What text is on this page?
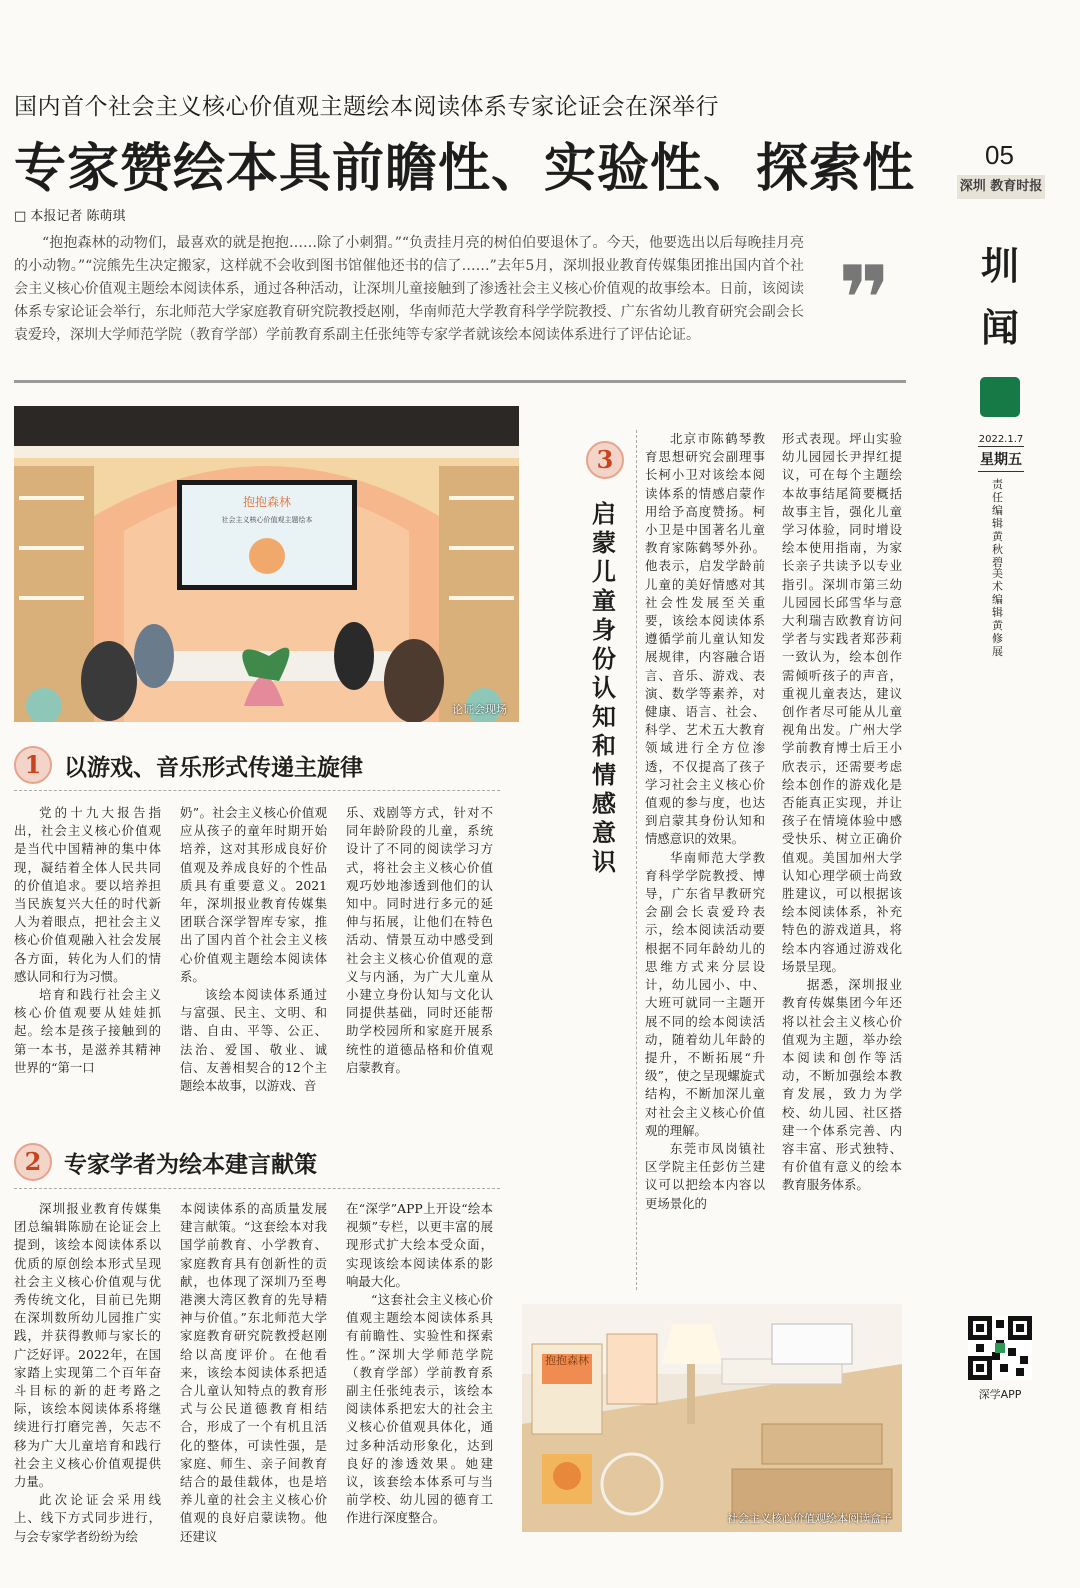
国内首个社会主义核心价值观主题绘本阅读体系专家论证会在深举行
专家赞绘本具前瞻性、实验性、探索性
□ 本报记者 陈萌琪
“抱抱森林的动物们，最喜欢的就是抱抱……除了小刺猬。”“负责挂月亮的树伯伯要退休了。今天，他要选出以后每晚挂月亮的小动物。”“浣熊先生决定搬家，这样就不会收到图书馆催他还书的信了……”去年5月，深圳报业教育传媒集团推出国内首个社会主义核心价值观主题绘本阅读体系，通过各种活动，让深圳儿童接触到了渗透社会主义核心价值观的故事绘本。日前，该阅读体系专家论证会举行，东北师范大学家庭教育研究院教授赵刚，华南师范大学教育科学学院教授、广东省幼儿教育研究会副会长袁爱玲，深圳大学师范学院（教育学部）学前教育系副主任张纯等专家学者就该绘本阅读体系进行了评估论证。	❞
05
深圳 教育时报
圳闻
2022.1.7
星期五
责任编辑 黄秋碧
美术编辑 黄修展
深学APP
抱抱森林
社会主义核心价值观主题绘本
论证会现场
1 以游戏、音乐形式传递主旋律

党的十九大报告指出，社会主义核心价值观是当代中国精神的集中体现，凝结着全体人民共同的价值追求。要以培养担当民族复兴大任的时代新人为着眼点，把社会主义核心价值观融入社会发展各方面，转化为人们的情感认同和行为习惯。

培育和践行社会主义核心价值观要从娃娃抓起。绘本是孩子接触到的第一本书，是滋养其精神世界的“第一口

奶”。社会主义核心价值观应从孩子的童年时期开始培养，这对其形成良好价值观及养成良好的个性品质具有重要意义。2021年，深圳报业教育传媒集团联合深学智库专家，推出了国内首个社会主义核心价值观主题绘本阅读体系。

该绘本阅读体系通过与富强、民主、文明、和谐、自由、平等、公正、法治、爱国、敬业、诚信、友善相契合的12个主题绘本故事，以游戏、音

乐、戏剧等方式，针对不同年龄阶段的儿童，系统设计了不同的阅读学习方式，将社会主义核心价值观巧妙地渗透到他们的认知中。同时进行多元的延伸与拓展，让他们在特色活动、情景互动中感受到社会主义核心价值观的意义与内涵，为广大儿童从小建立身份认知与文化认同提供基础，同时还能帮助学校园所和家庭开展系统性的道德品格和价值观启蒙教育。

2 专家学者为绘本建言献策

深圳报业教育传媒集团总编辑陈励在论证会上提到，该绘本阅读体系以优质的原创绘本形式呈现社会主义核心价值观与优秀传统文化，目前已先期在深圳数所幼儿园推广实践，并获得教师与家长的广泛好评。2022年，在国家踏上实现第二个百年奋斗目标的新的赶考路之际，该绘本阅读体系将继续进行打磨完善，矢志不移为广大儿童培育和践行社会主义核心价值观提供力量。

此次论证会采用线上、线下方式同步进行，与会专家学者纷纷为绘

本阅读体系的高质量发展建言献策。“这套绘本对我国学前教育、小学教育、家庭教育具有创新性的贡献，也体现了深圳乃至粤港澳大湾区教育的先导精神与价值。”东北师范大学家庭教育研究院教授赵刚给以高度评价。在他看来，该绘本阅读体系把适合儿童认知特点的教育形式与公民道德教育相结合，形成了一个有机且活化的整体，可读性强，是家庭、师生、亲子间教育结合的最佳载体，也是培养儿童的社会主义核心价值观的良好启蒙读物。他还建议

在“深学”APP上开设“绘本视频”专栏，以更丰富的展现形式扩大绘本受众面，实现该绘本阅读体系的影响最大化。

“这套社会主义核心价值观主题绘本阅读体系具有前瞻性、实验性和探索性。”深圳大学师范学院（教育学部）学前教育系副主任张纯表示，该绘本阅读体系把宏大的社会主义核心价值观具体化，通过多种活动形象化，达到良好的渗透效果。她建议，该套绘本体系可与当前学校、幼儿园的德育工作进行深度整合。

3
启蒙儿童身份认知和情感意识

北京市陈鹤琴教育思想研究会副理事长柯小卫对该绘本阅读体系的情感启蒙作用给予高度赞扬。柯小卫是中国著名儿童教育家陈鹤琴外孙。他表示，启发学龄前儿童的美好情感对其社会性发展至关重要，该绘本阅读体系遵循学前儿童认知发展规律，内容融合语言、音乐、游戏、表演、数学等素养，对健康、语言、社会、科学、艺术五大教育领域进行全方位渗透，不仅提高了孩子学习社会主义核心价值观的参与度，也达到启蒙其身份认知和情感意识的效果。

华南师范大学教育科学学院教授、博导，广东省早教研究会副会长袁爱玲表示，绘本阅读活动要根据不同年龄幼儿的思维方式来分层设计，幼儿园小、中、大班可就同一主题开展不同的绘本阅读活动，随着幼儿年龄的提升，不断拓展“升级”，使之呈现螺旋式结构，不断加深儿童对社会主义核心价值观的理解。

东莞市凤岗镇社区学院主任彭仿兰建议可以把绘本内容以更场景化的

形式表现。坪山实验幼儿园园长尹捍红提议，可在每个主题绘本故事结尾简要概括故事主旨，强化儿童学习体验，同时增设绘本使用指南，为家长亲子共读予以专业指引。深圳市第三幼儿园园长邱雪华与意大利瑞吉欧教育访问学者与实践者郑莎莉一致认为，绘本创作需倾听孩子的声音，重视儿童表达，建议创作者尽可能从儿童视角出发。广州大学学前教育博士后王小欣表示，还需要考虑绘本创作的游戏化是否能真正实现，并让孩子在情境体验中感受快乐、树立正确价值观。美国加州大学认知心理学硕士尚致胜建议，可以根据该绘本阅读体系，补充特色的游戏道具，将绘本内容通过游戏化场景呈现。

据悉，深圳报业教育传媒集团今年还将以社会主义核心价值观为主题，举办绘本阅读和创作等活动，不断加强绘本教育发展，致力为学校、幼儿园、社区搭建一个体系完善、内容丰富、形式独特、有价值有意义的绘本教育服务体系。

抱抱森林
社会主义核心价值观绘本阅读盒子
